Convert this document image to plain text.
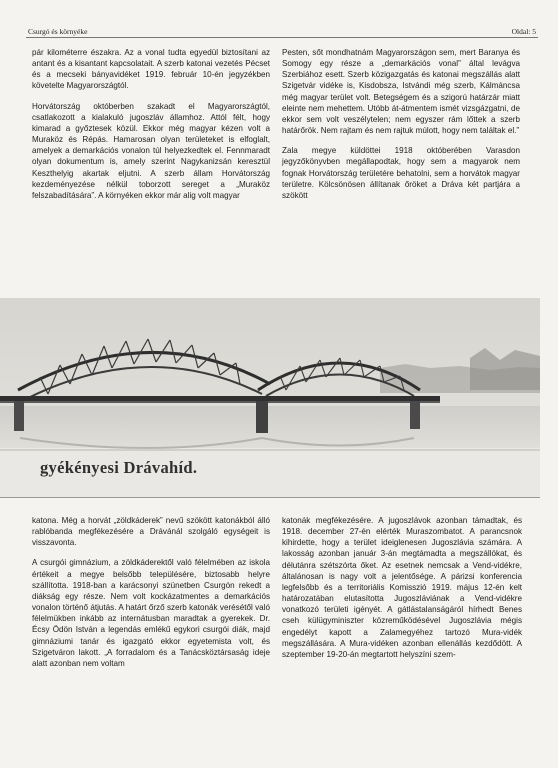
Csurgó és környéke	Oldal: 5

pár kilométerre északra. Az a vonal tudta egyedül biztosítani az antant és a kisantant kapcsolatait. A szerb katonai vezetés Pécset és a mecseki bányavidéket 1919. február 10-én jegyzékben követelte Magyarországtól.

Horvátország októberben szakadt el Magyarországtól, csatlakozott a kialakuló jugoszláv államhoz. Attól félt, hogy kimarad a győztesek közül. Ekkor még magyar kézen volt a Muraköz és Répás. Hamarosan olyan területeket is elfoglalt, amelyek a demarkációs vonalon túl helyezkedtek el. Fennmaradt olyan dokumentum is, amely szerint Nagykanizsán keresztül Keszthelyig akartak eljutni. A szerb állam Horvátország kezdeményezése nélkül toborzott sereget a „Muraköz felszabadítására”. A környéken ekkor már alig volt magyar

Pesten, sőt mondhatnám Magyarországon sem, mert Baranya és Somogy egy része a „demarkációs vonal” által levágva Szerbiához esett. Szerb közigazgatás és katonai megszállás alatt Szigetvár vidéke is, Kisdobsza, Istvándi még szerb, Kálmáncsa még magyar terület volt. Betegségem és a szigorú határzár miatt eleinte nem mehettem. Utóbb át-átmentem ismét vizsgázgatni, de ekkor sem volt veszélytelen; nem egyszer rám lőttek a szerb határőrök. Nem rajtam és nem rajtuk múlott, hogy nem találtak el.”

Zala megye küldöttei 1918 októberében Varasdon jegyzőkönyvben megállapodtak, hogy sem a magyarok nem fognak Horvátország területére behatolni, sem a horvátok magyar területre. Kölcsönösen állítanak őröket a Dráva két partjára a szökött

gyékényesi Drávahíd.

katona. Még a horvát „zöldkáderek” nevű szökött katonákból álló rablóbanda megfékezésére a Drávánál szolgáló egységeit is visszavonta.

A csurgói gimnázium, a zöldkáderektől való félelmében az iskola értékeit a megye belsőbb településére, biztosabb helyre szállította. 1918-ban a karácsonyi szünetben Csurgón rekedt a diákság egy része. Nem volt kockázatmentes a demarkációs vonalon történő átjutás. A határt őrző szerb katonák verésétől való félelmükben inkább az internátusban maradtak a gyerekek. Dr. Écsy Ödön István a legendás emlékű egykori csurgói diák, majd gimnáziumi tanár és igazgató ekkor egyetemista volt, és Szigetváron lakott. „A forradalom és a Tanácsköztársaság ideje alatt azonban nem voltam

katonák megfékezésére. A jugoszlávok azonban támadtak, és 1918. december 27-én elérték Muraszombatot. A parancsnok kihirdette, hogy a terület ideiglenesen Jugoszlávia számára. A lakosság azonban január 3-án megtámadta a megszállókat, és délutánra szétszórta őket. Az esetnek nemcsak a Vend-vidékre, általánosan is nagy volt a jelentősége. A párizsi konferencia legfelsőbb és a territoriális Komisszió 1919. május 12-én kelt határozatában elutasította Jugoszláviának a Vend-vidékre vonatkozó területi igényét. A gátlástalanságáról hírhedt Benes cseh külügyminiszter közreműködésével Jugoszlávia mégis engedélyt kapott a Zalamegyéhez tartozó Mura-vidék megszállására. A Mura-vidéken azonban ellenállás kezdődött. A szeptember 19-20-án megtartott helyszíni szem-
